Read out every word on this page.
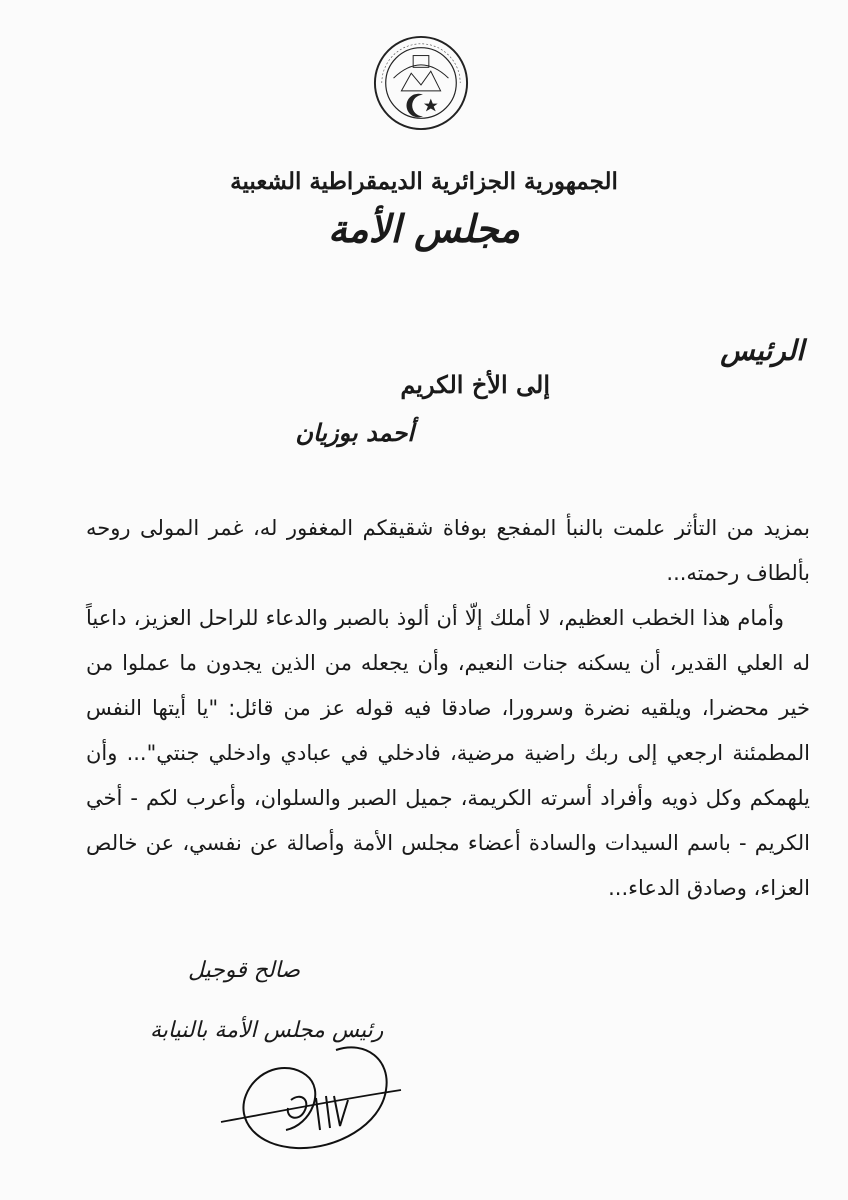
الجمهورية الجزائرية الديمقراطية الشعبية
مجلس الأمة
الرئيس
إلى الأخ الكريم
أحمد بوزيان

بمزيد من التأثر علمت بالنبأ المفجع بوفاة شقيقكم المغفور له، غمر المولى روحه بألطاف رحمته...

وأمام هذا الخطب العظيم، لا أملك إلّا أن ألوذ بالصبر والدعاء للراحل العزيز، داعياً له العلي القدير، أن يسكنه جنات النعيم، وأن يجعله من الذين يجدون ما عملوا من خير محضرا، ويلقيه نضرة وسرورا، صادقا فيه قوله عز من قائل: "يا أيتها النفس المطمئنة ارجعي إلى ربك راضية مرضية، فادخلي في عبادي وادخلي جنتي"... وأن يلهمكم وكل ذويه وأفراد أسرته الكريمة، جميل الصبر والسلوان، وأعرب لكم - أخي الكريم - باسم السيدات والسادة أعضاء مجلس الأمة وأصالة عن نفسي، عن خالص العزاء، وصادق الدعاء...

صالح قوجيل
رئيس مجلس الأمة بالنيابة
